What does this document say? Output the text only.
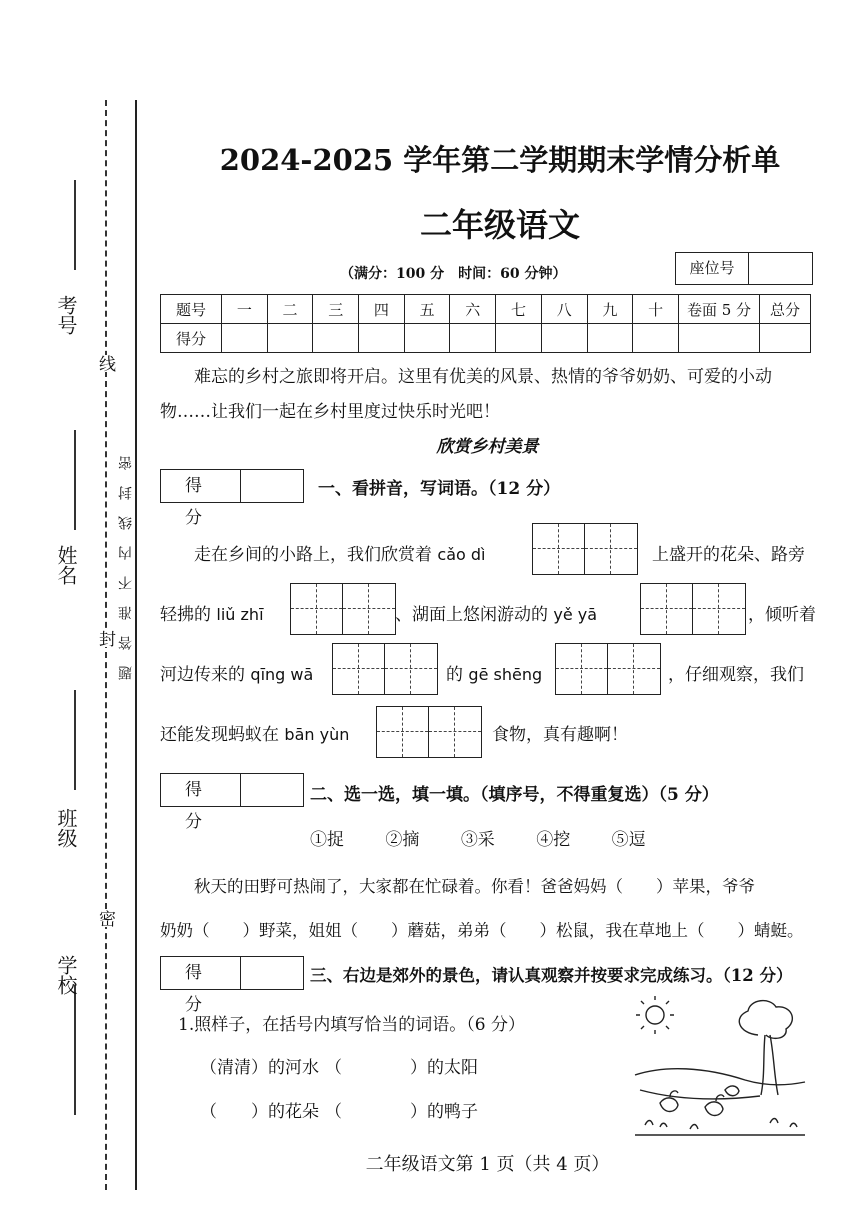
考号
姓名
班级
学校
线
封
密
题答准不内线封密
2024-2025 学年第二学期期末学情分析单
二年级语文
（满分：100 分　时间：60 分钟）	座位号
题号	一	二	三	四	五	六	七	八	九	十	卷面 5 分	总分
得分												
难忘的乡村之旅即将开启。这里有优美的风景、热情的爷爷奶奶、可爱的小动物……让我们一起在乡村里度过快乐时光吧！
欣赏乡村美景
得　分
一、看拼音，写词语。（12 分）
走在乡间的小路上，我们欣赏着 cǎo dì	上盛开的花朵、路旁
轻拂的 liǔ zhī	、湖面上悠闲游动的 yě yā	，倾听着
河边传来的 qīng wā	的 gē shēng	，仔细观察，我们
还能发现蚂蚁在 bān yùn	食物，真有趣啊！
得　分
二、选一选，填一填。（填序号，不得重复选）（5 分）
①捉 ②摘 ③采 ④挖 ⑤逗
秋天的田野可热闹了，大家都在忙碌着。你看！爸爸妈妈（　　）苹果，爷爷
奶奶（　　）野菜，姐姐（　　）蘑菇，弟弟（　　）松鼠，我在草地上（　　）蜻蜓。
得　分
三、右边是郊外的景色，请认真观察并按要求完成练习。（12 分）
1.照样子，在括号内填写恰当的词语。（6 分）
（清清）的河水 （　　　　）的太阳
（　　）的花朵 （　　　　）的鸭子
二年级语文第 1 页（共 4 页）
